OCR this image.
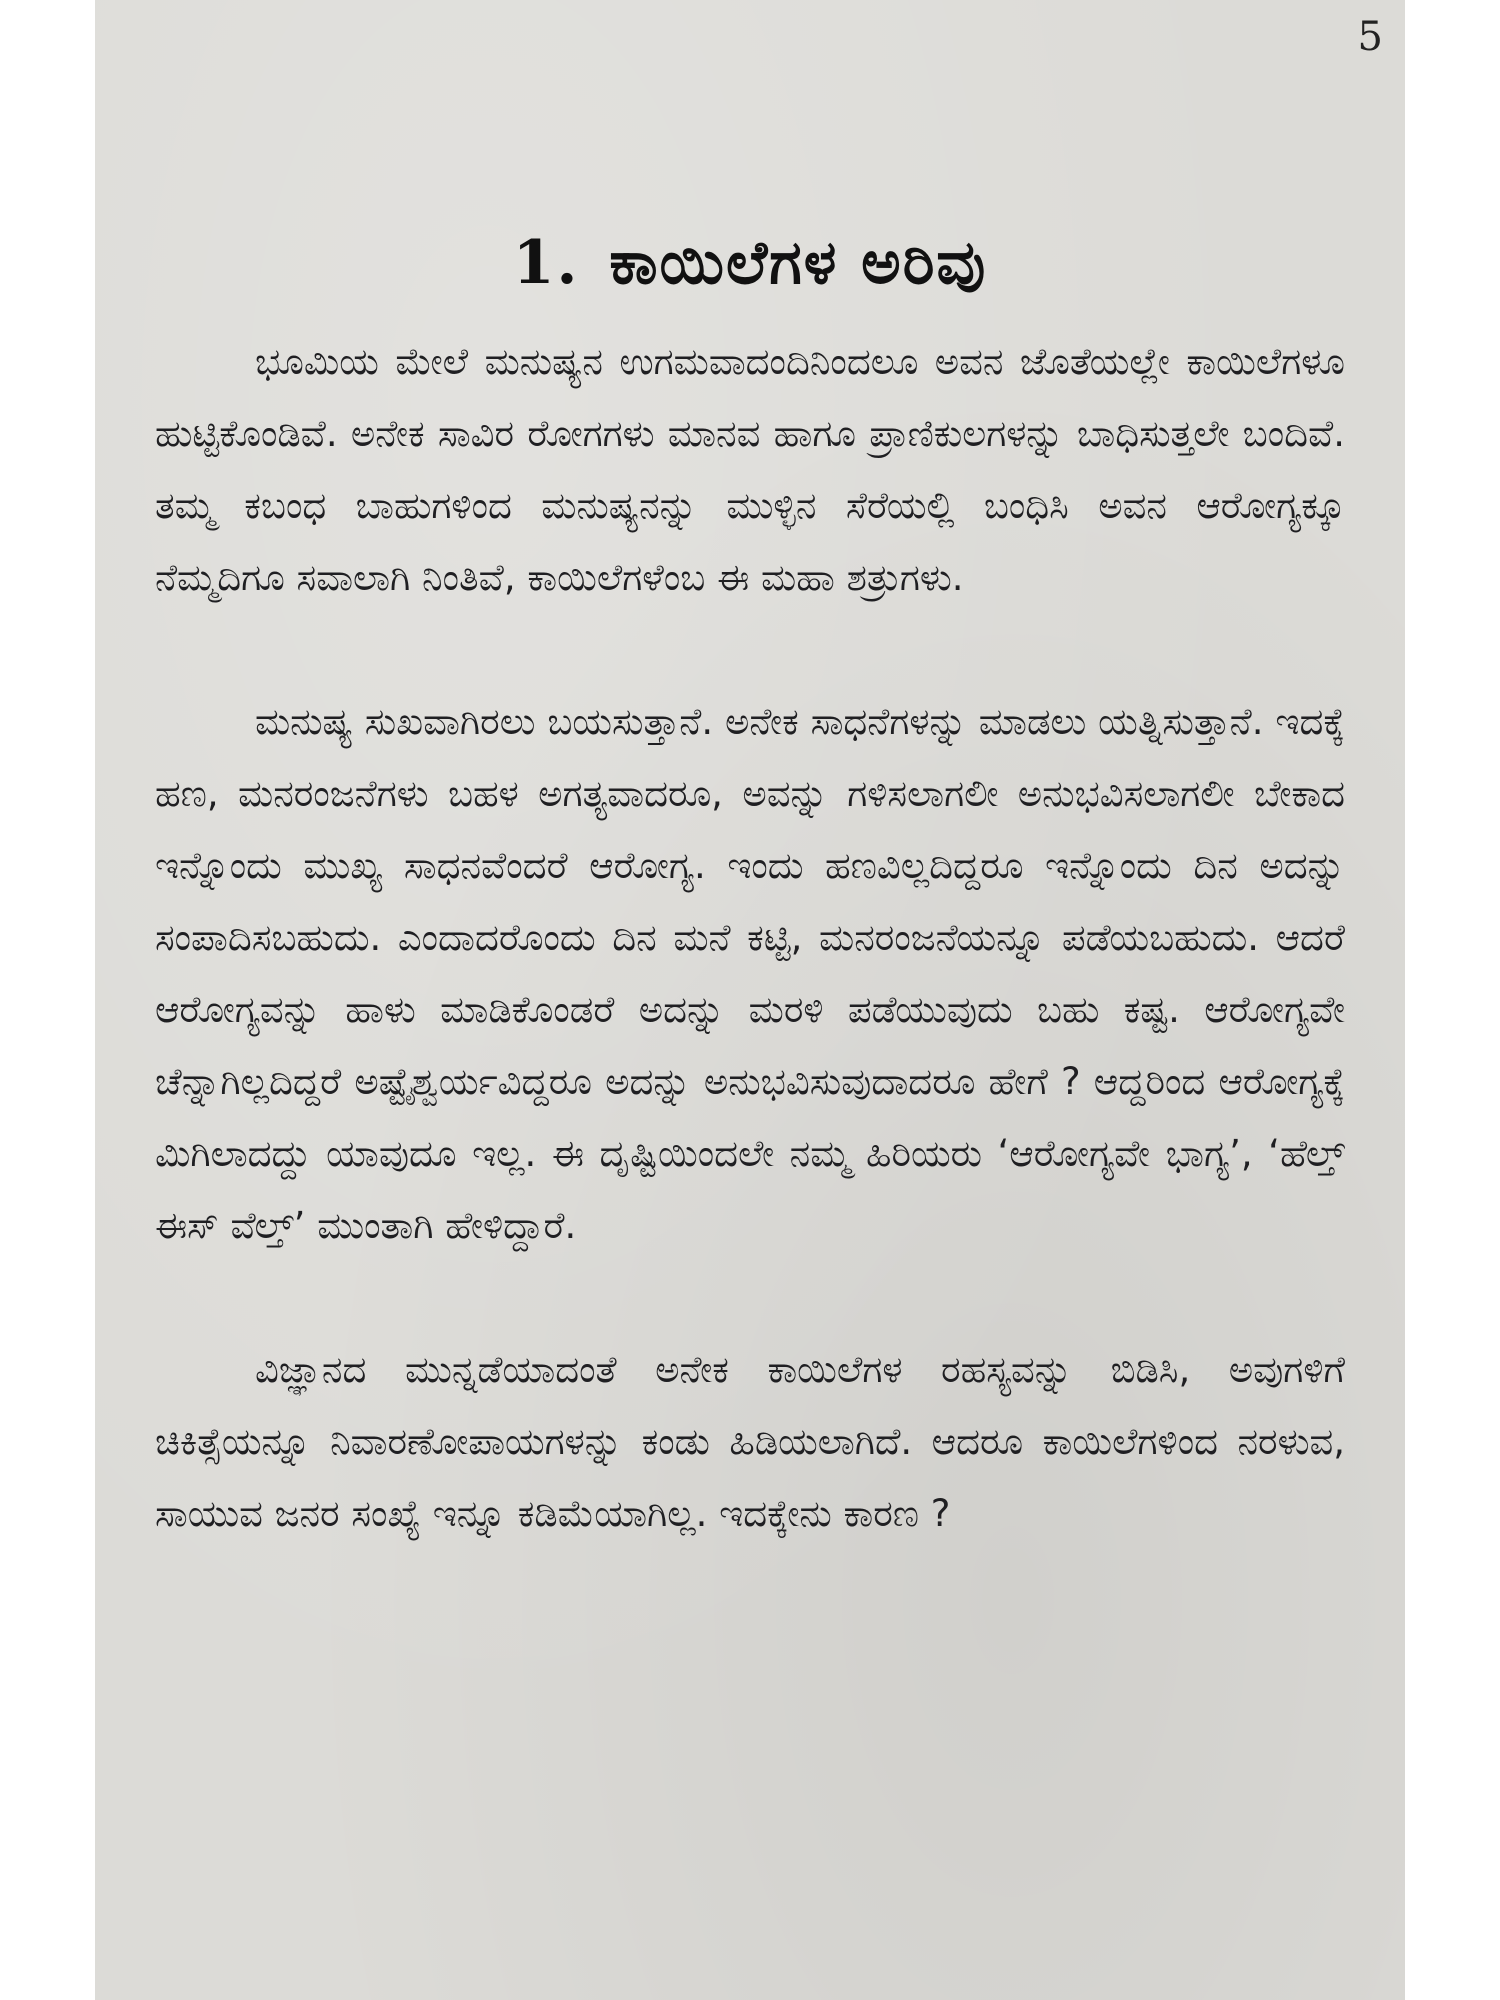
5
1. ಕಾಯಿಲೆಗಳ ಅರಿವು

ಭೂಮಿಯ ಮೇಲೆ ಮನುಷ್ಯನ ಉಗಮವಾದಂದಿನಿಂದಲೂ ಅವನ ಜೊತೆಯಲ್ಲೇ ಕಾಯಿಲೆಗಳೂ ಹುಟ್ಟಿಕೊಂಡಿವೆ. ಅನೇಕ ಸಾವಿರ ರೋಗಗಳು ಮಾನವ ಹಾಗೂ ಪ್ರಾಣಿಕುಲಗಳನ್ನು ಬಾಧಿಸುತ್ತಲೇ ಬಂದಿವೆ. ತಮ್ಮ ಕಬಂಧ ಬಾಹುಗಳಿಂದ ಮನುಷ್ಯನನ್ನು ಮುಳ್ಳಿನ ಸೆರೆಯಲ್ಲಿ ಬಂಧಿಸಿ ಅವನ ಆರೋಗ್ಯಕ್ಕೂ ನೆಮ್ಮದಿಗೂ ಸವಾಲಾಗಿ ನಿಂತಿವೆ, ಕಾಯಿಲೆಗಳೆಂಬ ಈ ಮಹಾ ಶತ್ರುಗಳು.

ಮನುಷ್ಯ ಸುಖವಾಗಿರಲು ಬಯಸುತ್ತಾನೆ. ಅನೇಕ ಸಾಧನೆಗಳನ್ನು ಮಾಡಲು ಯತ್ನಿಸುತ್ತಾನೆ. ಇದಕ್ಕೆ ಹಣ, ಮನರಂಜನೆಗಳು ಬಹಳ ಅಗತ್ಯವಾದರೂ, ಅವನ್ನು ಗಳಿಸಲಾಗಲೀ ಅನುಭವಿಸಲಾಗಲೀ ಬೇಕಾದ ಇನ್ನೊಂದು ಮುಖ್ಯ ಸಾಧನವೆಂದರೆ ಆರೋಗ್ಯ. ಇಂದು ಹಣವಿಲ್ಲದಿದ್ದರೂ ಇನ್ನೊಂದು ದಿನ ಅದನ್ನು ಸಂಪಾದಿಸಬಹುದು. ಎಂದಾದರೊಂದು ದಿನ ಮನೆ ಕಟ್ಟಿ, ಮನರಂಜನೆಯನ್ನೂ ಪಡೆಯಬಹುದು. ಆದರೆ ಆರೋಗ್ಯವನ್ನು ಹಾಳು ಮಾಡಿಕೊಂಡರೆ ಅದನ್ನು ಮರಳಿ ಪಡೆಯುವುದು ಬಹು ಕಷ್ಟ. ಆರೋಗ್ಯವೇ ಚೆನ್ನಾಗಿಲ್ಲದಿದ್ದರೆ ಅಷ್ಟೈಶ್ವರ್ಯವಿದ್ದರೂ ಅದನ್ನು ಅನುಭವಿಸುವುದಾದರೂ ಹೇಗೆ ? ಆದ್ದರಿಂದ ಆರೋಗ್ಯಕ್ಕೆ ಮಿಗಿಲಾದದ್ದು ಯಾವುದೂ ಇಲ್ಲ. ಈ ದೃಷ್ಟಿಯಿಂದಲೇ ನಮ್ಮ ಹಿರಿಯರು ‘ಆರೋಗ್ಯವೇ ಭಾಗ್ಯ’, ‘ಹೆಲ್ತ್ ಈಸ್ ವೆಲ್ತ್’ ಮುಂತಾಗಿ ಹೇಳಿದ್ದಾರೆ.

ವಿಜ್ಞಾನದ ಮುನ್ನಡೆಯಾದಂತೆ ಅನೇಕ ಕಾಯಿಲೆಗಳ ರಹಸ್ಯವನ್ನು ಬಿಡಿಸಿ, ಅವುಗಳಿಗೆ ಚಿಕಿತ್ಸೆಯನ್ನೂ ನಿವಾರಣೋಪಾಯಗಳನ್ನು ಕಂಡು ಹಿಡಿಯಲಾಗಿದೆ. ಆದರೂ ಕಾಯಿಲೆಗಳಿಂದ ನರಳುವ, ಸಾಯುವ ಜನರ ಸಂಖ್ಯೆ ಇನ್ನೂ ಕಡಿಮೆಯಾಗಿಲ್ಲ. ಇದಕ್ಕೇನು ಕಾರಣ ?
